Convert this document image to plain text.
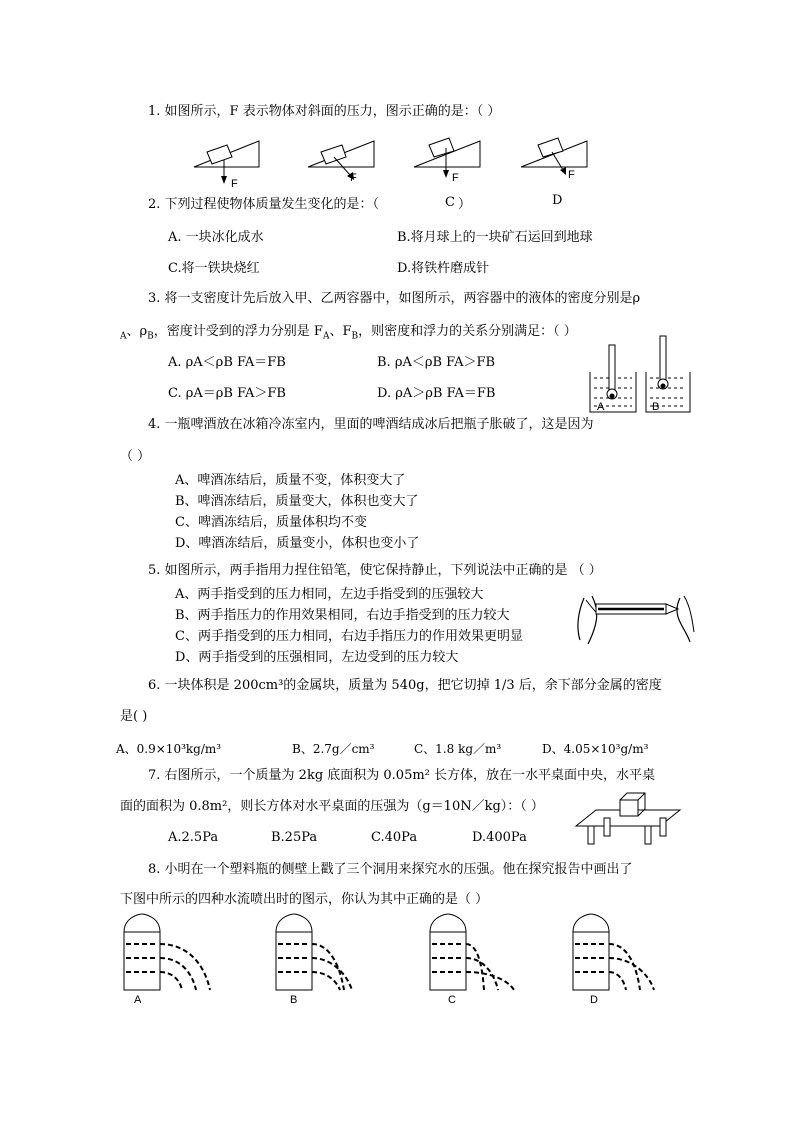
1. 如图所示，F 表示物体对斜面的压力，图示正确的是：（ ）
F	F	F	F
2. 下列过程使物体质量发生变化的是：（	C ）	D
A. 一块冰化成水	B.将月球上的一块矿石运回到地球
C.将一铁块烧红	D.将铁杵磨成针
3. 将一支密度计先后放入甲、乙两容器中，如图所示，两容器中的液体的密度分别是ρ
$_A$、$\rho_B$，密度计受到的浮力分别是 $F_A$、$F_B$，则密度和浮力的关系分别满足：（ ）
A. ρA＜ρB FA＝FB	B. ρA＜ρB FA＞FB
C. ρA＝ρB FA＞FB	D. ρA＞ρB FA＝FB
A	B
4. 一瓶啤酒放在冰箱冷冻室内，里面的啤酒结成冰后把瓶子胀破了，这是因为
（ ）
A、啤酒冻结后，质量不变，体积变大了
B、啤酒冻结后，质量变大，体积也变大了
C、啤酒冻结后，质量体积均不变
D、啤酒冻结后，质量变小，体积也变小了
5. 如图所示，两手指用力捏住铅笔，使它保持静止，下列说法中正确的是 （ ）
A、两手指受到的压力相同，左边手指受到的压强较大
B、两手指压力的作用效果相同，右边手指受到的压力较大
C、两手指受到的压力相同，右边手指压力的作用效果更明显
D、两手指受到的压强相同，左边受到的压力较大
6. 一块体积是 200cm³的金属块，质量为 540g，把它切掉 1/3 后，余下部分金属的密度
是( )
A、0.9×10³kg/m³	B、2.7g／cm³	C、1.8 kg／m³	D、4.05×10³g/m³
7. 右图所示，一个质量为 2kg 底面积为 0.05m² 长方体，放在一水平桌面中央，水平桌
面的面积为 0.8m²，则长方体对水平桌面的压强为（g＝10N／kg）：（ ）
A.2.5Pa	B.25Pa	C.40Pa	D.400Pa
8. 小明在一个塑料瓶的侧壁上戳了三个洞用来探究水的压强。他在探究报告中画出了
下图中所示的四种水流喷出时的图示，你认为其中正确的是（ ）
A	B	C	D
